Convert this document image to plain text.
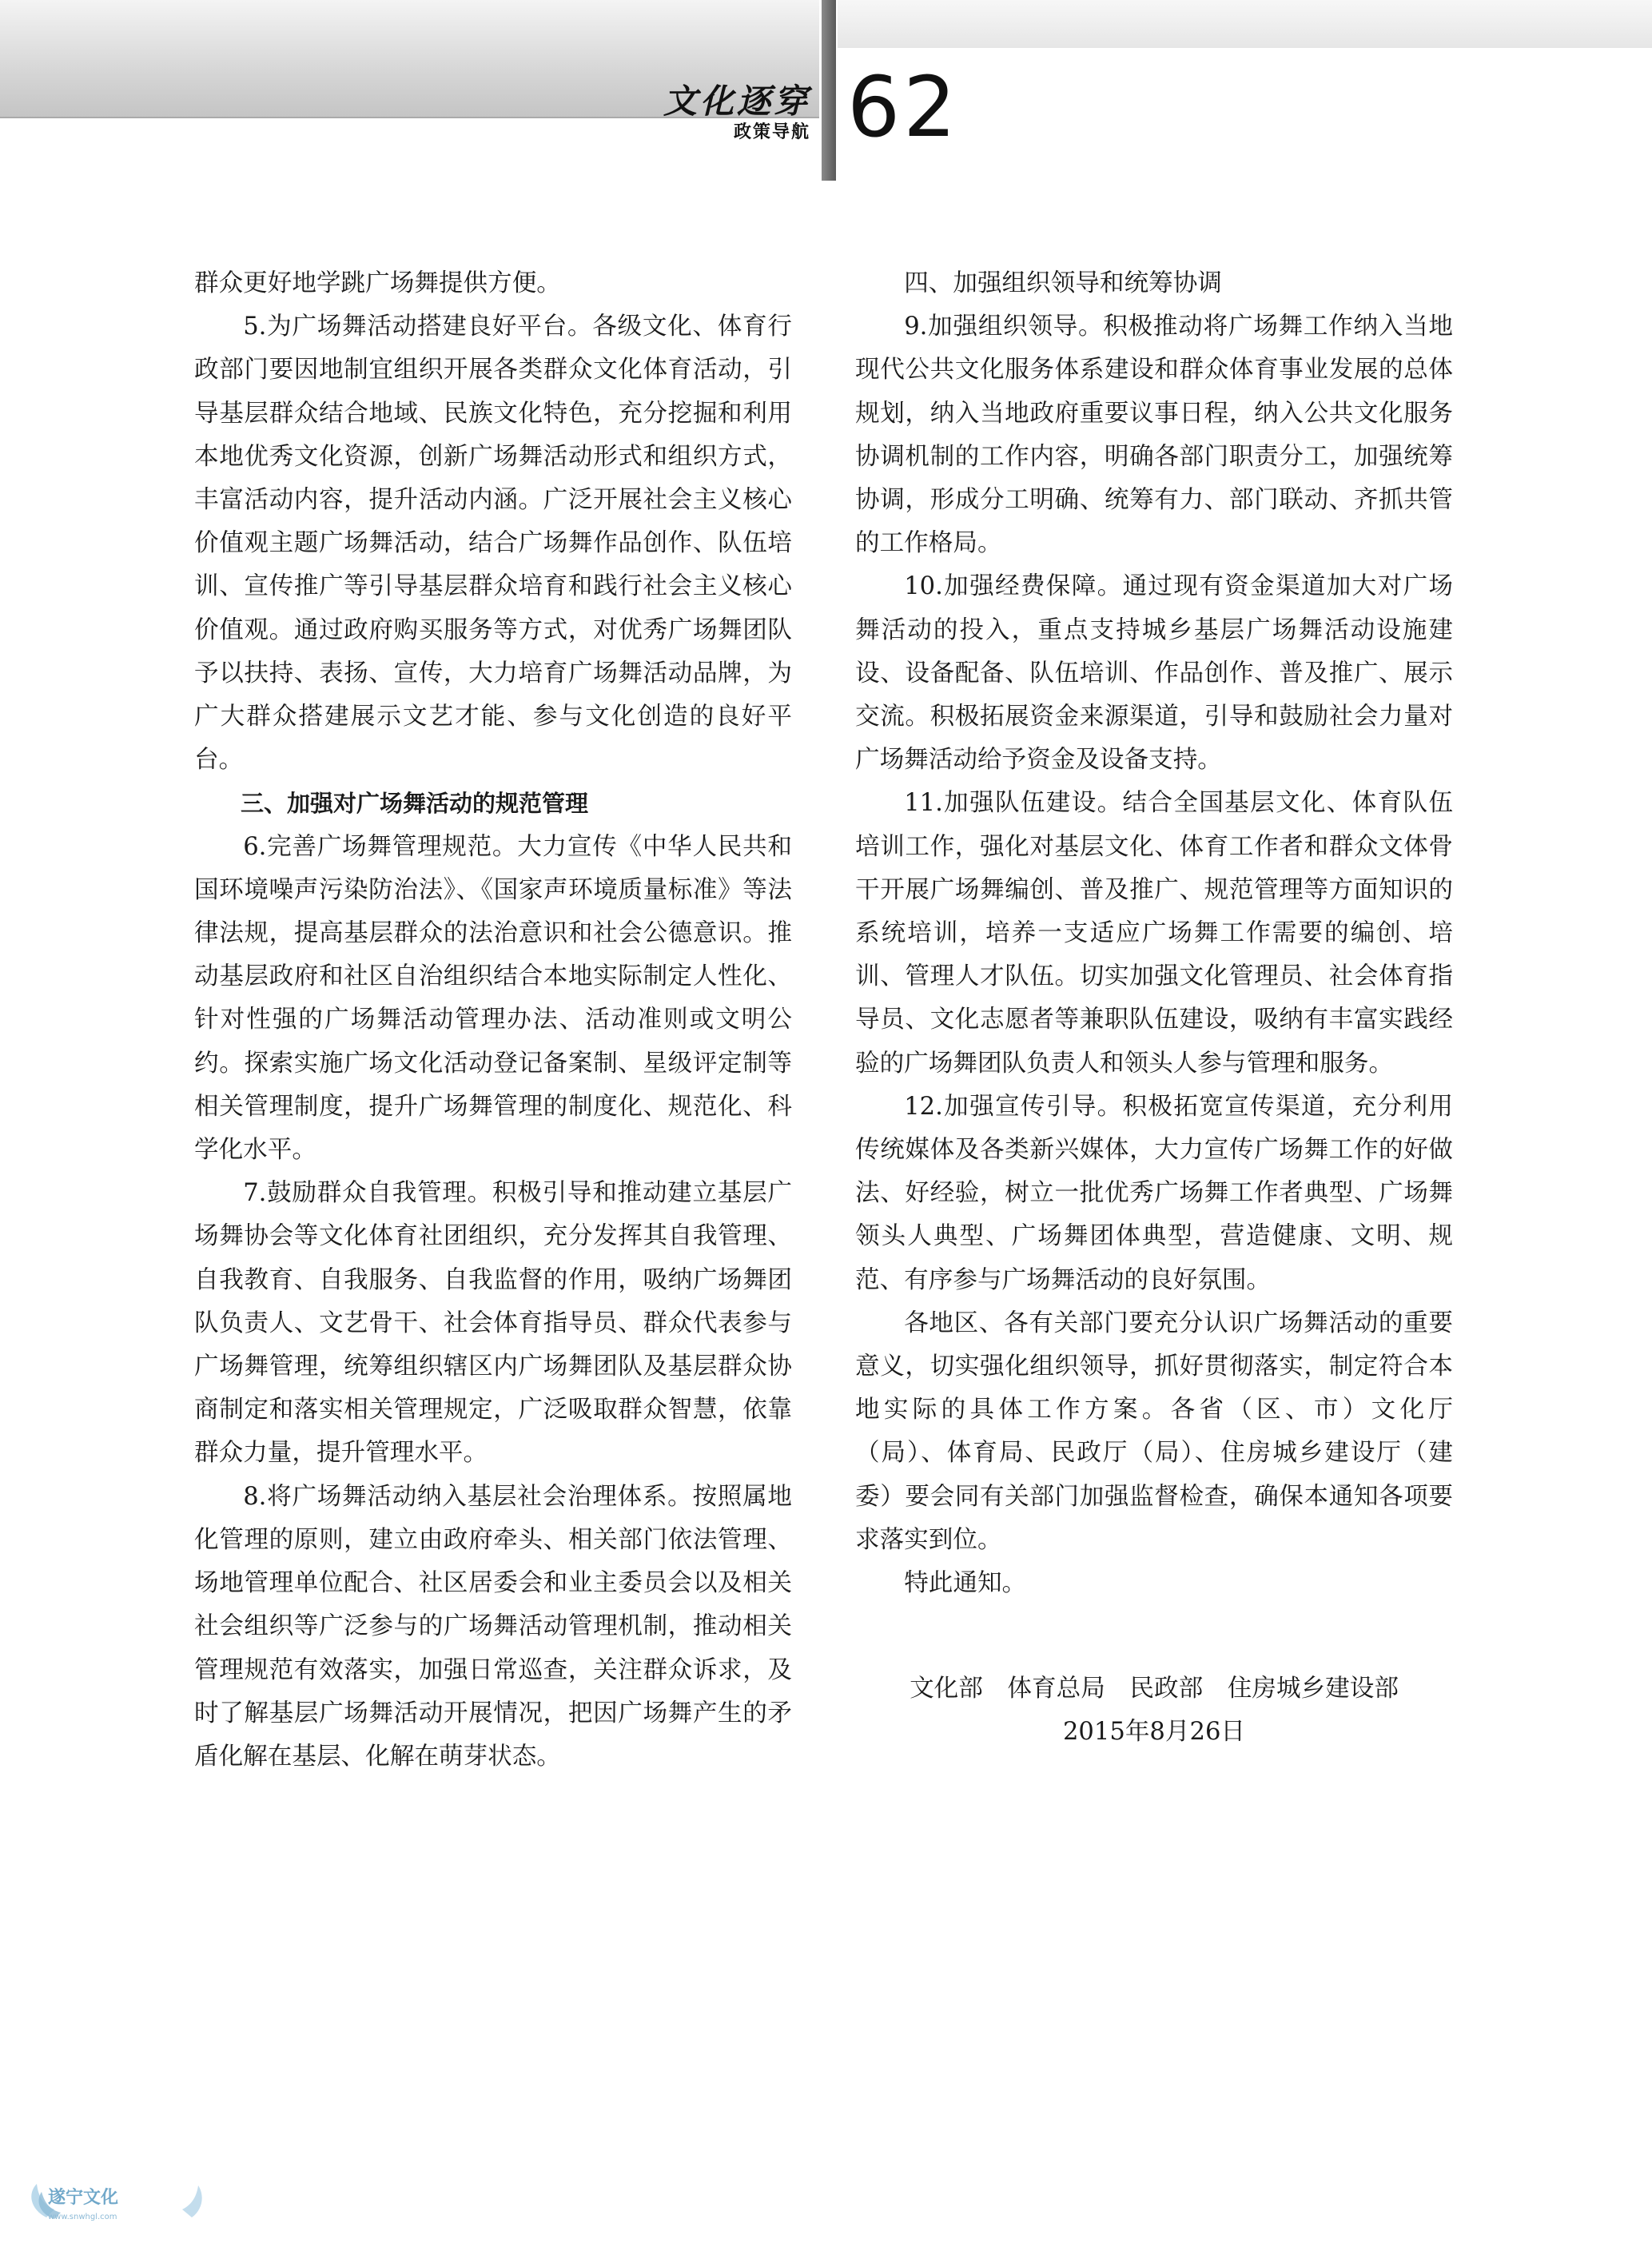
文化逐穿
政策导航 62

群众更好地学跳广场舞提供方便。

5.为广场舞活动搭建良好平台。各级文化、体育行政部门要因地制宜组织开展各类群众文化体育活动，引导基层群众结合地域、民族文化特色，充分挖掘和利用本地优秀文化资源，创新广场舞活动形式和组织方式，丰富活动内容，提升活动内涵。广泛开展社会主义核心价值观主题广场舞活动，结合广场舞作品创作、队伍培训、宣传推广等引导基层群众培育和践行社会主义核心价值观。通过政府购买服务等方式，对优秀广场舞团队予以扶持、表扬、宣传，大力培育广场舞活动品牌，为广大群众搭建展示文艺才能、参与文化创造的良好平台。

三、加强对广场舞活动的规范管理

6.完善广场舞管理规范。大力宣传《中华人民共和国环境噪声污染防治法》、《国家声环境质量标准》等法律法规，提高基层群众的法治意识和社会公德意识。推动基层政府和社区自治组织结合本地实际制定人性化、针对性强的广场舞活动管理办法、活动准则或文明公约。探索实施广场文化活动登记备案制、星级评定制等相关管理制度，提升广场舞管理的制度化、规范化、科学化水平。

7.鼓励群众自我管理。积极引导和推动建立基层广场舞协会等文化体育社团组织，充分发挥其自我管理、自我教育、自我服务、自我监督的作用，吸纳广场舞团队负责人、文艺骨干、社会体育指导员、群众代表参与广场舞管理，统筹组织辖区内广场舞团队及基层群众协商制定和落实相关管理规定，广泛吸取群众智慧，依靠群众力量，提升管理水平。

8.将广场舞活动纳入基层社会治理体系。按照属地化管理的原则，建立由政府牵头、相关部门依法管理、场地管理单位配合、社区居委会和业主委员会以及相关社会组织等广泛参与的广场舞活动管理机制，推动相关管理规范有效落实，加强日常巡查，关注群众诉求，及时了解基层广场舞活动开展情况，把因广场舞产生的矛盾化解在基层、化解在萌芽状态。

四、加强组织领导和统筹协调

9.加强组织领导。积极推动将广场舞工作纳入当地现代公共文化服务体系建设和群众体育事业发展的总体规划，纳入当地政府重要议事日程，纳入公共文化服务协调机制的工作内容，明确各部门职责分工，加强统筹协调，形成分工明确、统筹有力、部门联动、齐抓共管的工作格局。

10.加强经费保障。通过现有资金渠道加大对广场舞活动的投入，重点支持城乡基层广场舞活动设施建设、设备配备、队伍培训、作品创作、普及推广、展示交流。积极拓展资金来源渠道，引导和鼓励社会力量对广场舞活动给予资金及设备支持。

11.加强队伍建设。结合全国基层文化、体育队伍培训工作，强化对基层文化、体育工作者和群众文体骨干开展广场舞编创、普及推广、规范管理等方面知识的系统培训，培养一支适应广场舞工作需要的编创、培训、管理人才队伍。切实加强文化管理员、社会体育指导员、文化志愿者等兼职队伍建设，吸纳有丰富实践经验的广场舞团队负责人和领头人参与管理和服务。

12.加强宣传引导。积极拓宽宣传渠道，充分利用传统媒体及各类新兴媒体，大力宣传广场舞工作的好做法、好经验，树立一批优秀广场舞工作者典型、广场舞领头人典型、广场舞团体典型，营造健康、文明、规范、有序参与广场舞活动的良好氛围。

各地区、各有关部门要充分认识广场舞活动的重要意义，切实强化组织领导，抓好贯彻落实，制定符合本地实际的具体工作方案。各省（区、市）文化厅（局）、体育局、民政厅（局）、住房城乡建设厅（建委）要会同有关部门加强监督检查，确保本通知各项要求落实到位。

特此通知。

文化部　体育总局　民政部　住房城乡建设部
2015年8月26日
遂宁文化
www.snwhgl.com
